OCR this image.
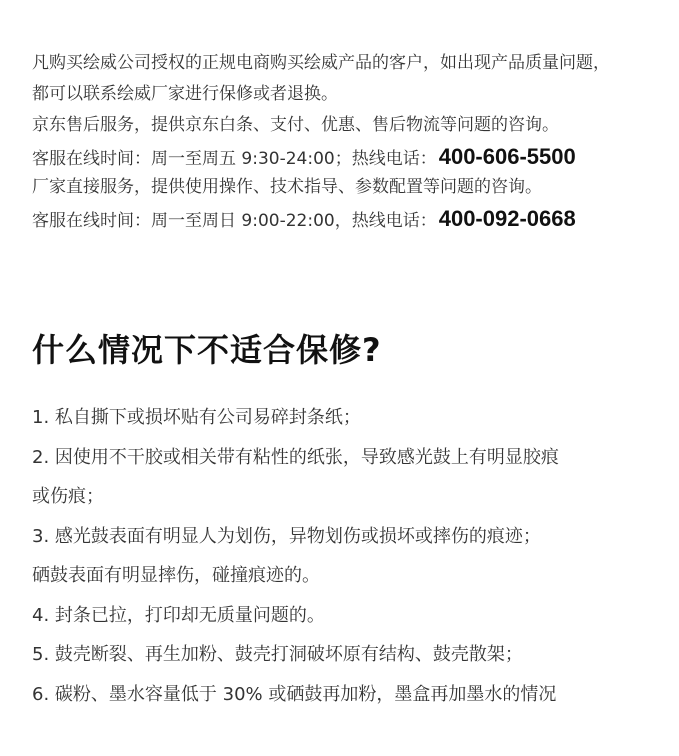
凡购买绘威公司授权的正规电商购买绘威产品的客户，如出现产品质量问题，
都可以联系绘威厂家进行保修或者退换。
京东售后服务，提供京东白条、支付、优惠、售后物流等问题的咨询。
客服在线时间：周一至周五 9:30-24:00；热线电话：400-606-5500
厂家直接服务，提供使用操作、技术指导、参数配置等问题的咨询。
客服在线时间：周一至周日 9:00-22:00，热线电话：400-092-0668
什么情况下不适合保修?
1. 私自撕下或损坏贴有公司易碎封条纸；
2. 因使用不干胶或相关带有粘性的纸张，导致感光鼓上有明显胶痕
或伤痕；
3. 感光鼓表面有明显人为划伤，异物划伤或损坏或摔伤的痕迹；
硒鼓表面有明显摔伤，碰撞痕迹的。
4. 封条已拉，打印却无质量问题的。
5. 鼓壳断裂、再生加粉、鼓壳打洞破坏原有结构、鼓壳散架；
6. 碳粉、墨水容量低于 30% 或硒鼓再加粉，墨盒再加墨水的情况
